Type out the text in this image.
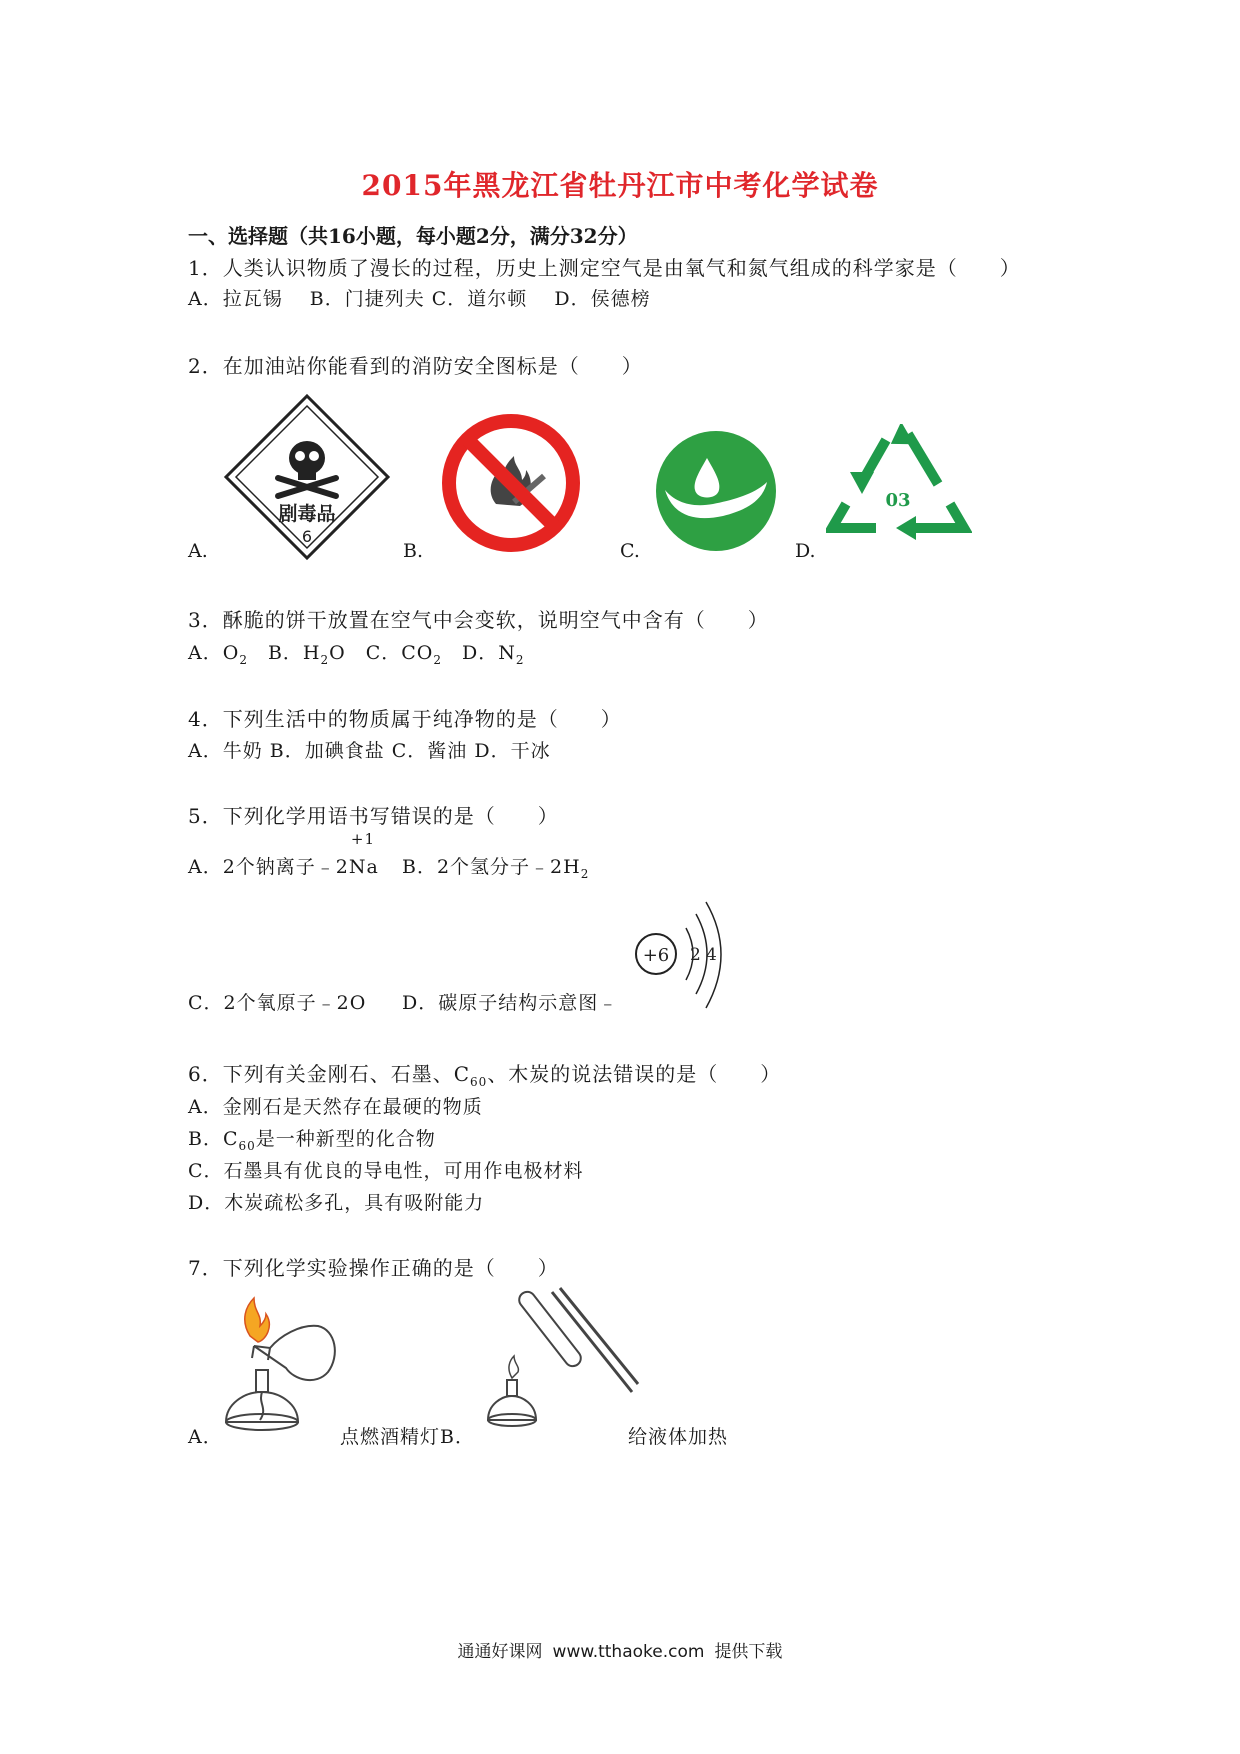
2015年黑龙江省牡丹江市中考化学试卷
一、选择题（共16小题，每小题2分，满分32分）
1．人类认识物质了漫长的过程，历史上测定空气是由氧气和氮气组成的科学家是（　　）
A．拉瓦锡　 B．门捷列夫 C．道尔顿　 D．侯德榜
2．在加油站你能看到的消防安全图标是（　　）
A.
剧毒品
6
B.	C.	D.
03
3．酥脆的饼干放置在空气中会变软，说明空气中含有（　　）
A．$O_2$　B．$H_2O$　C．$CO_2$　D．$N_2$
4．下列生活中的物质属于纯净物的是（　　）
A．牛奶 B．加碘食盐 C．酱油 D．干冰
5．下列化学用语书写错误的是（　　）
A．2个钠离子﹣2
+1
Na B．2个氢分子$﹣2H_2$
C．2个氧原子﹣2O D．碳原子结构示意图﹣
+6 2 4
6．下列有关金刚石、石墨、$C_{60}$、木炭的说法错误的是（　　）
A．金刚石是天然存在最硬的物质
B．$C_{60}$是一种新型的化合物
C．石墨具有优良的导电性，可用作电极材料
D．木炭疏松多孔，具有吸附能力
7．下列化学实验操作正确的是（　　）
A．	点燃酒精灯B．	给液体加热
通通好课网 www.tthaoke.com 提供下载
